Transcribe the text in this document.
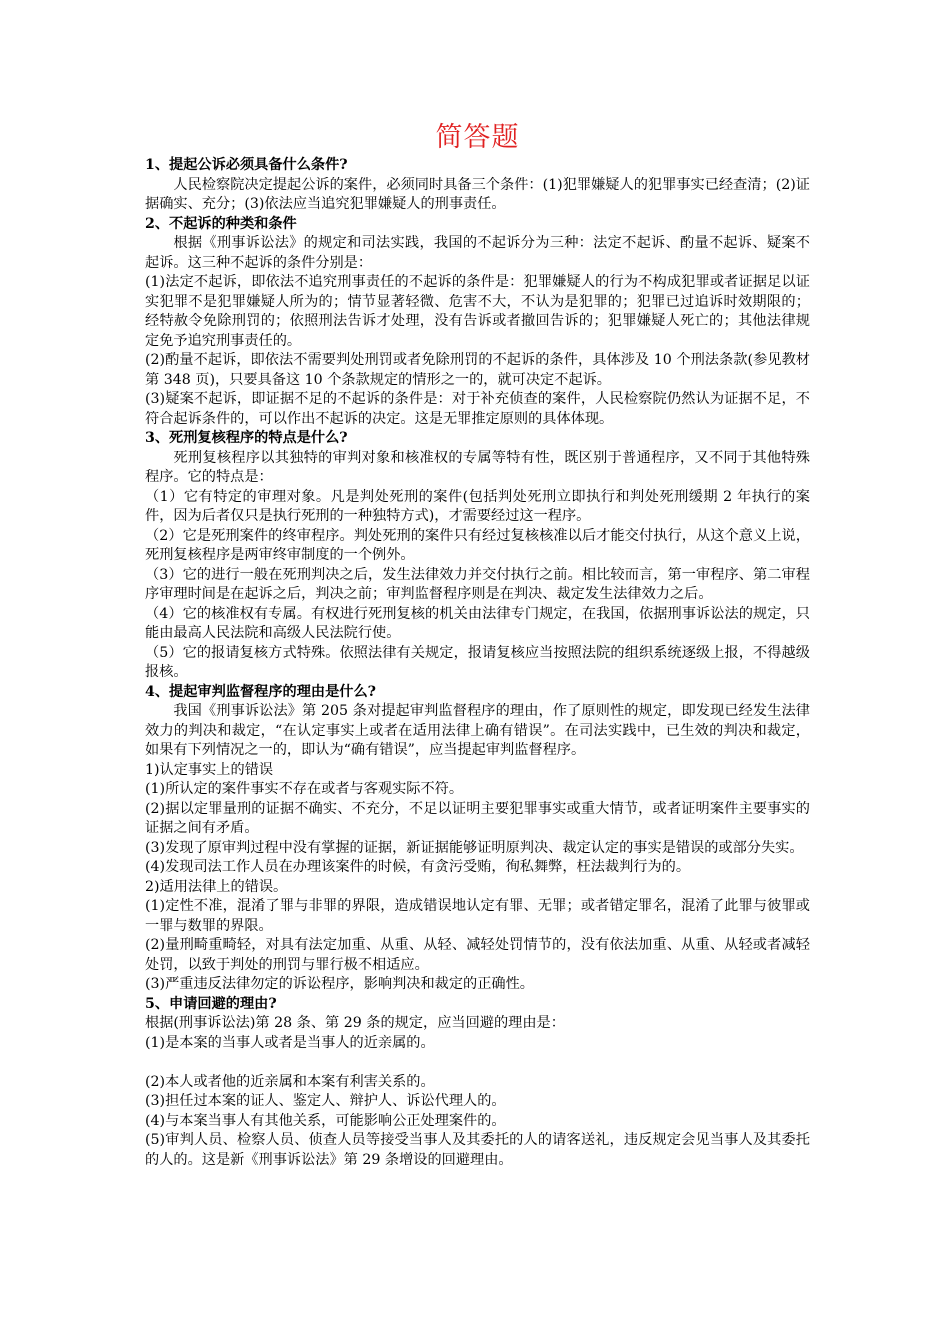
简答题
1、提起公诉必须具备什么条件?
人民检察院决定提起公诉的案件，必须同时具备三个条件：(1)犯罪嫌疑人的犯罪事实已经查清；(2)证据确实、充分；(3)依法应当追究犯罪嫌疑人的刑事责任。
2、不起诉的种类和条件
根据《刑事诉讼法》的规定和司法实践，我国的不起诉分为三种：法定不起诉、酌量不起诉、疑案不起诉。这三种不起诉的条件分别是：
(1)法定不起诉，即依法不追究刑事责任的不起诉的条件是：犯罪嫌疑人的行为不构成犯罪或者证据足以证实犯罪不是犯罪嫌疑人所为的；情节显著轻微、危害不大，不认为是犯罪的；犯罪已过追诉时效期限的；经特赦令免除刑罚的；依照刑法告诉才处理，没有告诉或者撤回告诉的；犯罪嫌疑人死亡的；其他法律规定免予追究刑事责任的。
(2)酌量不起诉，即依法不需要判处刑罚或者免除刑罚的不起诉的条件，具体涉及 10 个刑法条款(参见教材第 348 页)，只要具备这 10 个条款规定的情形之一的，就可决定不起诉。
(3)疑案不起诉，即证据不足的不起诉的条件是：对于补充侦查的案件，人民检察院仍然认为证据不足，不符合起诉条件的，可以作出不起诉的决定。这是无罪推定原则的具体体现。
3、死刑复核程序的特点是什么?
死刑复核程序以其独特的审判对象和核准权的专属等特有性，既区别于普通程序，又不同于其他特殊程序。它的特点是：
（1）它有特定的审理对象。凡是判处死刑的案件(包括判处死刑立即执行和判处死刑缓期 2 年执行的案件，因为后者仅只是执行死刑的一种独特方式)，才需要经过这一程序。
（2）它是死刑案件的终审程序。判处死刑的案件只有经过复核核准以后才能交付执行，从这个意义上说，死刑复核程序是两审终审制度的一个例外。
（3）它的进行一般在死刑判决之后，发生法律效力并交付执行之前。相比较而言，第一审程序、第二审程序审理时间是在起诉之后，判决之前；审判监督程序则是在判决、裁定发生法律效力之后。
（4）它的核准权有专属。有权进行死刑复核的机关由法律专门规定，在我国，依据刑事诉讼法的规定，只能由最高人民法院和高级人民法院行使。
（5）它的报请复核方式特殊。依照法律有关规定，报请复核应当按照法院的组织系统逐级上报，不得越级报核。
4、提起审判监督程序的理由是什么?
我国《刑事诉讼法》第 205 条对提起审判监督程序的理由，作了原则性的规定，即发现已经发生法律效力的判决和裁定，“在认定事实上或者在适用法律上确有错误”。在司法实践中，已生效的判决和裁定，如果有下列情况之一的，即认为“确有错误”，应当提起审判监督程序。
1)认定事实上的错误
(1)所认定的案件事实不存在或者与客观实际不符。
(2)据以定罪量刑的证据不确实、不充分，不足以证明主要犯罪事实或重大情节，或者证明案件主要事实的证据之间有矛盾。
(3)发现了原审判过程中没有掌握的证据，新证据能够证明原判决、裁定认定的事实是错误的或部分失实。
(4)发现司法工作人员在办理该案件的时候，有贪污受贿，徇私舞弊，枉法裁判行为的。
2)适用法律上的错误。
(1)定性不准，混淆了罪与非罪的界限，造成错误地认定有罪、无罪；或者错定罪名，混淆了此罪与彼罪或一罪与数罪的界限。
(2)量刑畸重畸轻，对具有法定加重、从重、从轻、减轻处罚情节的，没有依法加重、从重、从轻或者减轻处罚，以致于判处的刑罚与罪行极不相适应。
(3)严重违反法律勿定的诉讼程序，影响判决和裁定的正确性。
5、申请回避的理由?
根据(刑事诉讼法)第 28 条、第 29 条的规定，应当回避的理由是：
(1)是本案的当事人或者是当事人的近亲属的。
(2)本人或者他的近亲属和本案有利害关系的。
(3)担任过本案的证人、鉴定人、辩护人、诉讼代理人的。
(4)与本案当事人有其他关系，可能影响公正处理案件的。
(5)审判人员、检察人员、侦查人员等接受当事人及其委托的人的请客送礼，违反规定会见当事人及其委托的人的。这是新《刑事诉讼法》第 29 条增设的回避理由。
